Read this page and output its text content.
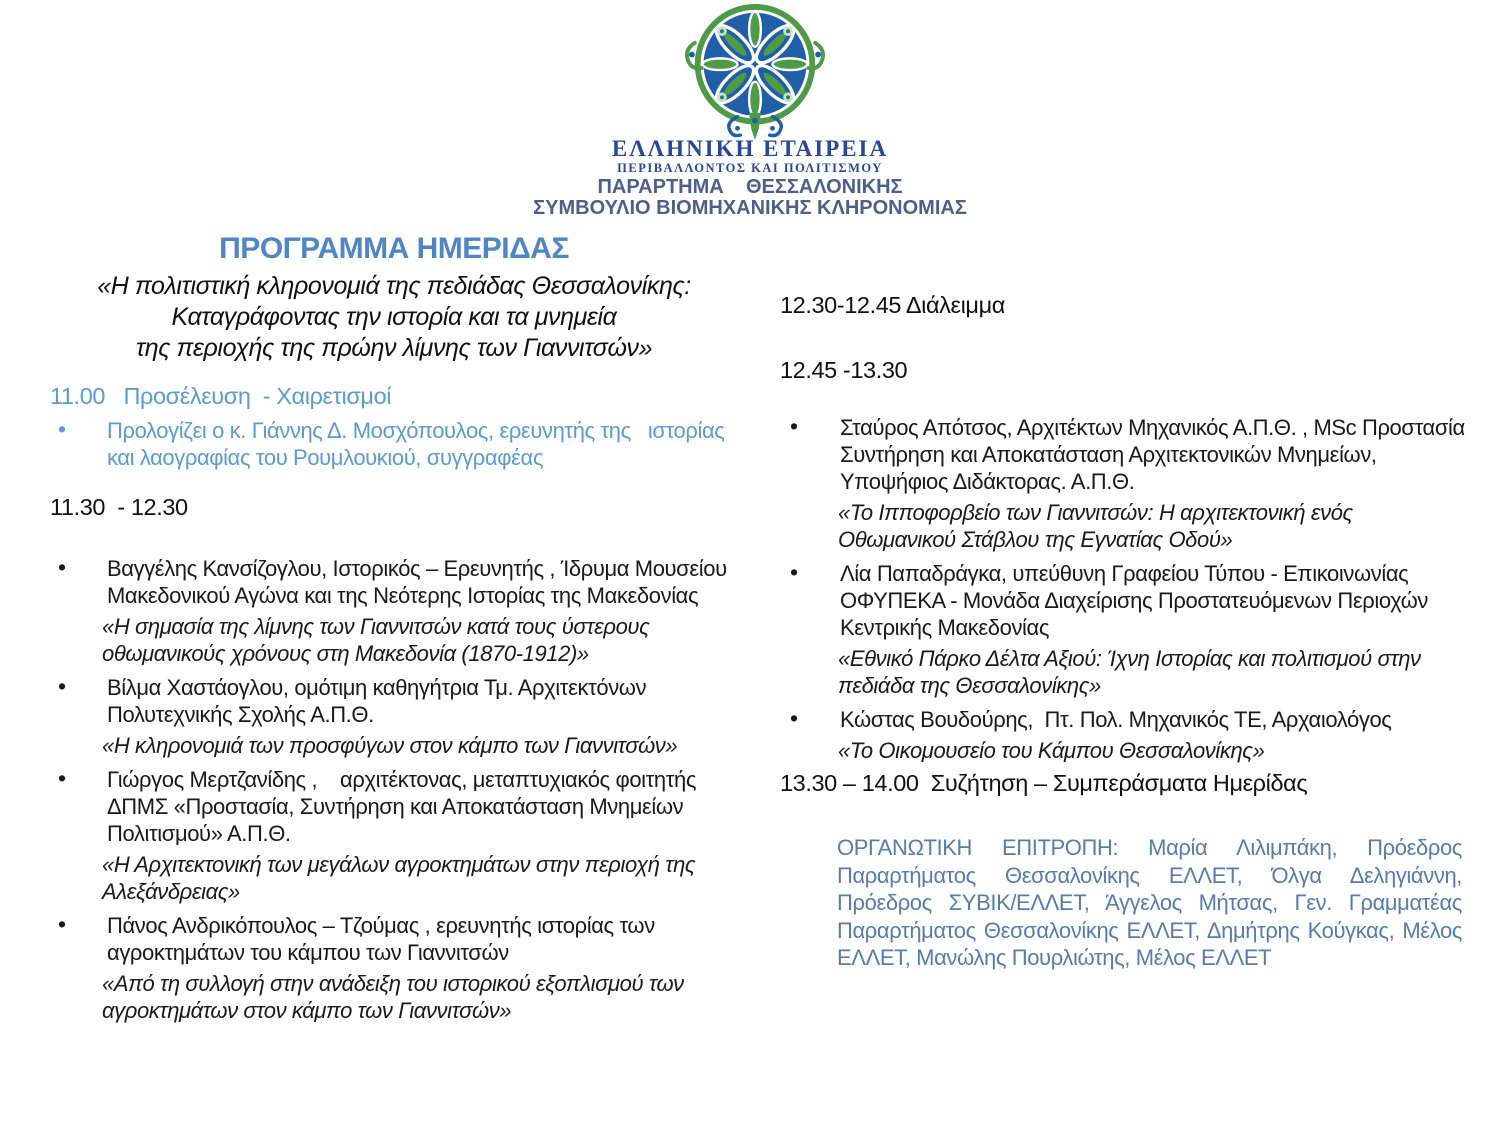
ΕΛΛΗΝΙΚΗ ΕΤΑΙΡΕΙΑ
ΠΕΡΙΒΑΛΛΟΝΤΟΣ ΚΑΙ ΠΟΛΙΤΙΣΜΟΥ
ΠΑΡΑΡΤΗΜΑ    ΘΕΣΣΑΛΟΝΙΚΗΣ
ΣΥΜΒΟΥΛΙΟ ΒΙΟΜΗΧΑΝΙΚΗΣ ΚΛΗΡΟΝΟΜΙΑΣ
ΠΡΟΓΡΑΜΜΑ ΗΜΕΡΙΔΑΣ
«Η πολιτιστική κληρονομιά της πεδιάδας Θεσσαλονίκης:
Καταγράφοντας την ιστορία και τα μνημεία
της περιοχής της πρώην λίμνης των Γιαννιτσών»
11.00   Προσέλευση  - Χαιρετισμοί
• Προλογίζει ο κ. Γιάννης Δ. Μοσχόπουλος, ερευνητής της   ιστορίας και λαογραφίας του Ρουμλουκιού, συγγραφέας
11.30  - 12.30
• Βαγγέλης Κανσίζογλου, Ιστορικός – Ερευνητής , Ίδρυμα Μουσείου Μακεδονικού Αγώνα και της Νεότερης Ιστορίας της Μακεδονίας
«Η σημασία της λίμνης των Γιαννιτσών κατά τους ύστερους οθωμανικούς χρόνους στη Μακεδονία (1870-1912)»
• Βίλμα Χαστάογλου, ομότιμη καθηγήτρια Τμ. Αρχιτεκτόνων Πολυτεχνικής Σχολής Α.Π.Θ.
«Η κληρονομιά των προσφύγων στον κάμπο των Γιαννιτσών»
• Γιώργος Μερτζανίδης ,    αρχιτέκτονας, μεταπτυχιακός φοιτητής ΔΠΜΣ «Προστασία, Συντήρηση και Αποκατάσταση Μνημείων Πολιτισμού» Α.Π.Θ.
«Η Αρχιτεκτονική των μεγάλων αγροκτημάτων στην περιοχή της Αλεξάνδρειας»
• Πάνος Ανδρικόπουλος – Τζούμας , ερευνητής ιστορίας των αγροκτημάτων του κάμπου των Γιαννιτσών
«Από τη συλλογή στην ανάδειξη του ιστορικού εξοπλισμού των αγροκτημάτων στον κάμπο των Γιαννιτσών»
12.30-12.45 Διάλειμμα
12.45 -13.30
• Σταύρος Απότσος, Αρχιτέκτων Μηχανικός Α.Π.Θ. , MSc Προστασία Συντήρηση και Αποκατάσταση Αρχιτεκτονικών Μνημείων, Υποψήφιος Διδάκτορας. Α.Π.Θ.
«Το Ιπποφορβείο των Γιαννιτσών: Η αρχιτεκτονική ενός Οθωμανικού Στάβλου της Εγνατίας Οδού»
• Λία Παπαδράγκα, υπεύθυνη Γραφείου Τύπου - Επικοινωνίας ΟΦΥΠΕΚΑ - Μονάδα Διαχείρισης Προστατευόμενων Περιοχών Κεντρικής Μακεδονίας
«Εθνικό Πάρκο Δέλτα Αξιού: Ίχνη Ιστορίας και πολιτισμού στην πεδιάδα της Θεσσαλονίκης»
• Κώστας Βουδούρης,  Πτ. Πολ. Μηχανικός ΤΕ, Αρχαιολόγος
«Το Οικομουσείο του Κάμπου Θεσσαλονίκης»
13.30 – 14.00  Συζήτηση – Συμπεράσματα Ημερίδας

ΟΡΓΑΝΩΤΙΚΗ ΕΠΙΤΡΟΠΗ: Μαρία Λιλιμπάκη, Πρόεδρος Παραρτήματος Θεσσαλονίκης ΕΛΛΕΤ, Όλγα Δεληγιάννη, Πρόεδρος ΣΥΒΙΚ/ΕΛΛΕΤ, Άγγελος Μήτσας, Γεν. Γραμματέας Παραρτήματος Θεσσαλονίκης ΕΛΛΕΤ, Δημήτρης Κούγκας, Μέλος ΕΛΛΕΤ, Μανώλης Πουρλιώτης, Μέλος ΕΛΛΕΤ
